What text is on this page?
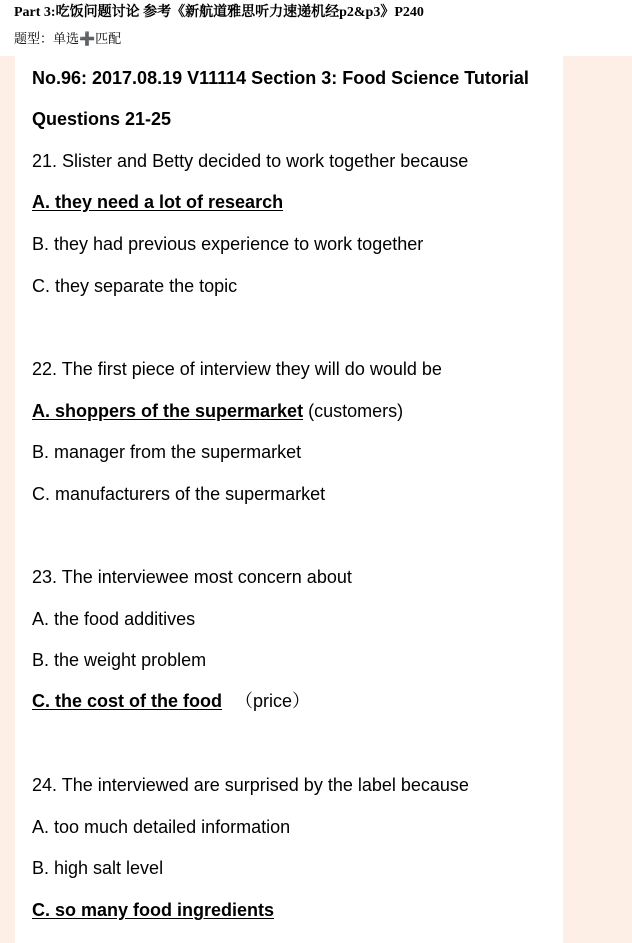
Part 3:吃饭问题讨论 参考《新航道雅思听力速递机经p2&p3》P240
题型：单选➕匹配
No.96: 2017.08.19 V11114 Section 3: Food Science Tutorial
Questions 21-25
21. Slister and Betty decided to work together because
A. they need a lot of research
B. they had previous experience to work together
C. they separate the topic
22. The first piece of interview they will do would be
A. shoppers of the supermarket (customers)
B. manager from the supermarket
C. manufacturers of the supermarket
23. The interviewee most concern about
A. the food additives
B. the weight problem
C. the cost of the food （price）
24. The interviewed are surprised by the label because
A. too much detailed information
B. high salt level
C. so many food ingredients
